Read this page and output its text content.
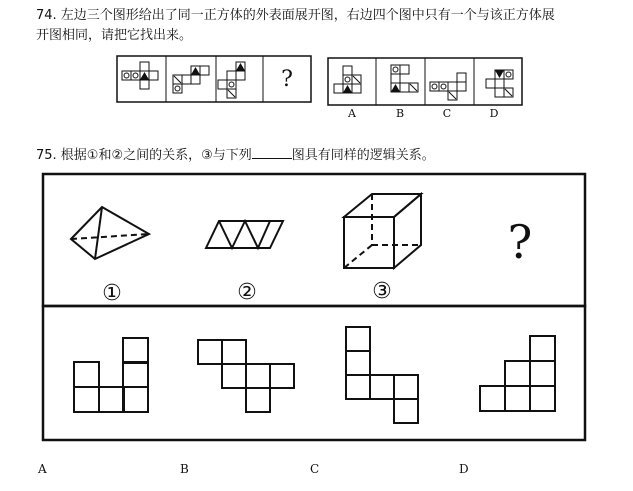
74. 左边三个图形给出了同一正方体的外表面展开图，右边四个图中只有一个与该正方体展
开图相同，请把它找出来。
75. 根据①和②之间的关系，③与下列	图具有同样的逻辑关系。
?
A	B	C	D
?
①	②	③
A	B	C	D
